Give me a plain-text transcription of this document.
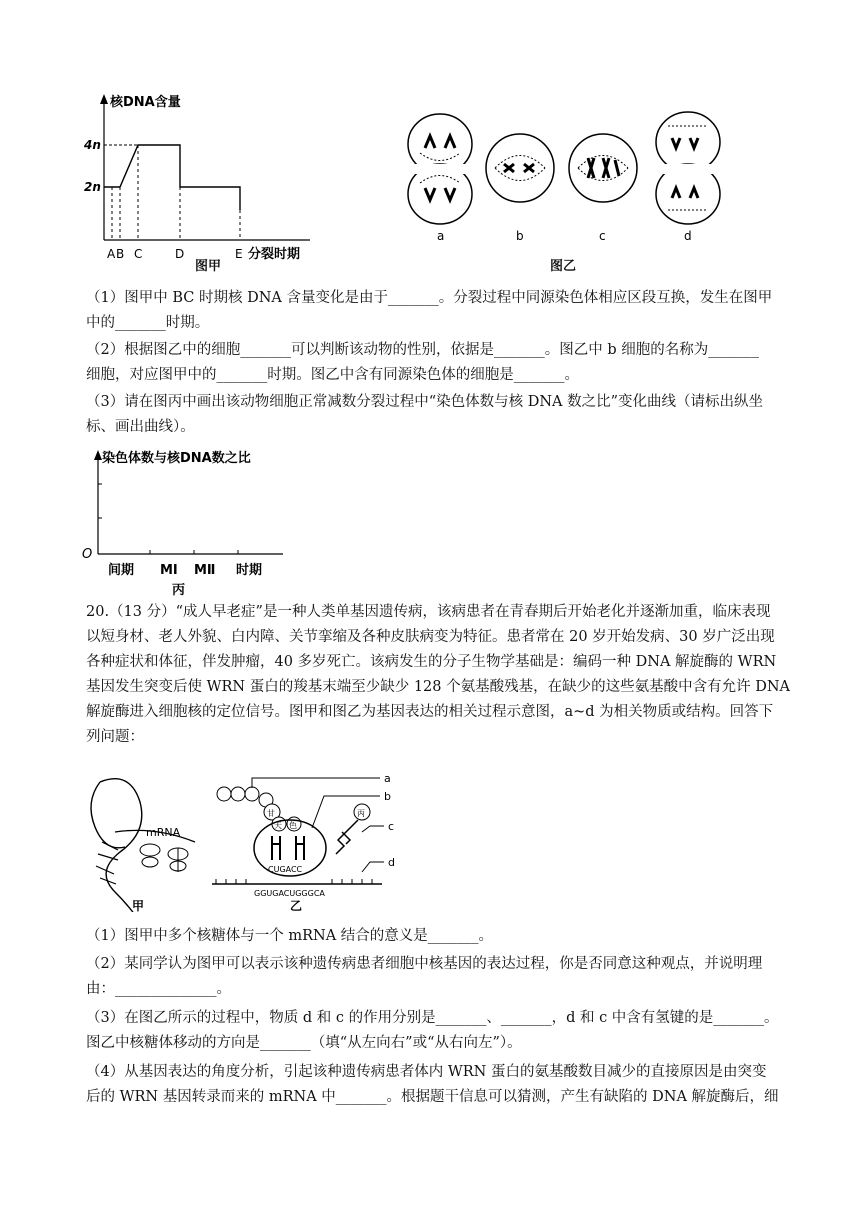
核DNA含量
4n
2n
A B C	D	E 分裂时期
图甲
a	b	c	d
图乙
（1）图甲中 BC 时期核 DNA 含量变化是由于_______。分裂过程中同源染色体相应区段互换，发生在图甲
中的_______时期。
（2）根据图乙中的细胞_______可以判断该动物的性别，依据是_______。图乙中 b 细胞的名称为_______
细胞，对应图甲中的_______时期。图乙中含有同源染色体的细胞是_______。
（3）请在图丙中画出该动物细胞正常减数分裂过程中“染色体数与核 DNA 数之比”变化曲线（请标出纵坐
标、画出曲线）。
染色体数与核DNA数之比
O
间期 MⅠ MⅡ 时期
丙
20.（13 分）“成人早老症”是一种人类单基因遗传病，该病患者在青春期后开始老化并逐渐加重，临床表现
以短身材、老人外貌、白内障、关节挛缩及各种皮肤病变为特征。患者常在 20 岁开始发病、30 岁广泛出现
各种症状和体征，伴发肿瘤，40 多岁死亡。该病发生的分子生物学基础是：编码一种 DNA 解旋酶的 WRN
基因发生突变后使 WRN 蛋白的羧基末端至少缺少 128 个氨基酸残基，在缺少的这些氨基酸中含有允许 DNA
解旋酶进入细胞核的定位信号。图甲和图乙为基因表达的相关过程示意图，a~d 为相关物质或结构。回答下
列问题：
mRNA
甲
甘
天 色
CUGACC
丙
GGUGACUGGGCA
a
b
c
d
乙
（1）图甲中多个核糖体与一个 mRNA 结合的意义是_______。
（2）某同学认为图甲可以表示该种遗传病患者细胞中核基因的表达过程，你是否同意这种观点，并说明理
由：______________。
（3）在图乙所示的过程中，物质 d 和 c 的作用分别是_______、_______，d 和 c 中含有氢键的是_______。
图乙中核糖体移动的方向是_______（填“从左向右”或“从右向左”）。
（4）从基因表达的角度分析，引起该种遗传病患者体内 WRN 蛋白的氨基酸数目减少的直接原因是由突变
后的 WRN 基因转录而来的 mRNA 中_______。根据题干信息可以猜测，产生有缺陷的 DNA 解旋酶后，细
